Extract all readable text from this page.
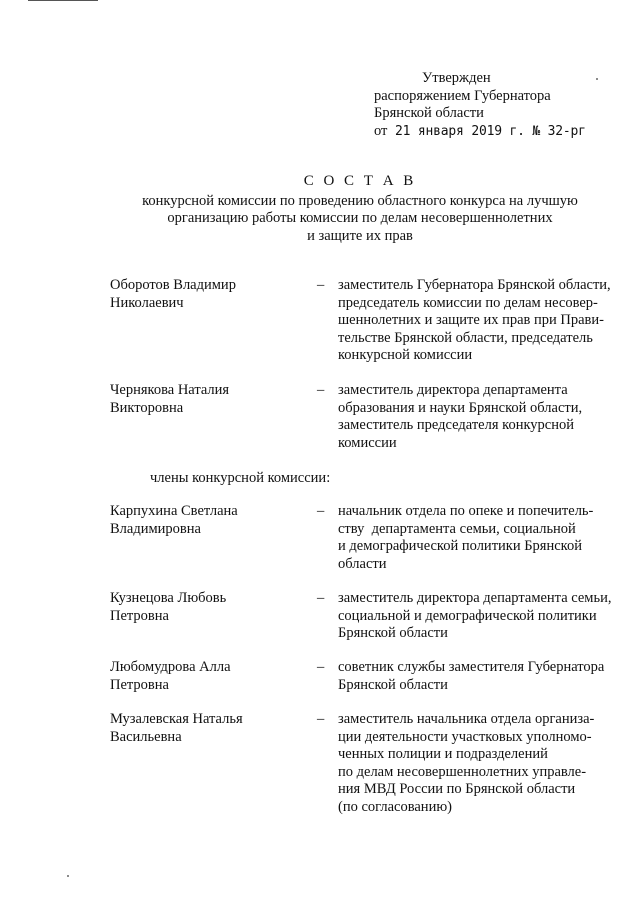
Утвержден
распоряжением Губернатора
Брянской области
от 21 января 2019 г. № 32-рг
С О С Т А В
конкурсной комиссии по проведению областного конкурса на лучшую
организацию работы комиссии по делам несовершеннолетних
и защите их прав
Оборотов Владимир
Николаевич
– заместитель Губернатора Брянской области,
председатель комиссии по делам несовер-
шеннолетних и защите их прав при Прави-
тельстве Брянской области, председатель
конкурсной комиссии
Чернякова Наталия
Викторовна
– заместитель директора департамента
образования и науки Брянской области,
заместитель председателя конкурсной
комиссии
члены конкурсной комиссии:
Карпухина Светлана
Владимировна
– начальник отдела по опеке и попечитель-
ству  департамента семьи, социальной
и демографической политики Брянской
области
Кузнецова Любовь
Петровна
– заместитель директора департамента семьи,
социальной и демографической политики
Брянской области
Любомудрова Алла
Петровна
– советник службы заместителя Губернатора
Брянской области
Музалевская Наталья
Васильевна
– заместитель начальника отдела организа-
ции деятельности участковых уполномо-
ченных полиции и подразделений
по делам несовершеннолетних управле-
ния МВД России по Брянской области
(по согласованию)
